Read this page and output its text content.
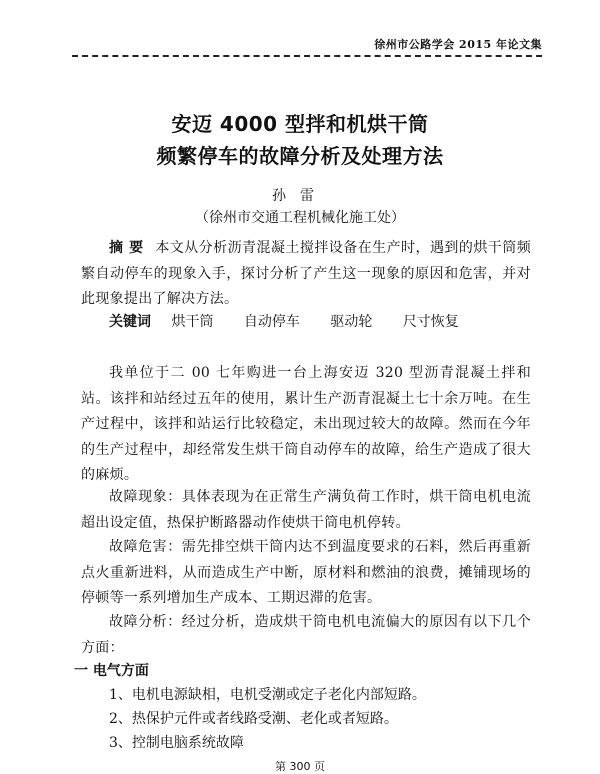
徐州市公路学会 2015 年论文集
安迈 4000 型拌和机烘干筒
频繁停车的故障分析及处理方法
孙雷
（徐州市交通工程机械化施工处）

摘要 本文从分析沥青混凝土搅拌设备在生产时，遇到的烘干筒频繁自动停车的现象入手，探讨分析了产生这一现象的原因和危害，并对此现象提出了解决方法。

关键词 烘干筒 自动停车 驱动轮 尺寸恢复

我单位于二 00 七年购进一台上海安迈 320 型沥青混凝土拌和站。该拌和站经过五年的使用，累计生产沥青混凝土七十余万吨。在生产过程中，该拌和站运行比较稳定，未出现过较大的故障。然而在今年的生产过程中，却经常发生烘干筒自动停车的故障，给生产造成了很大的麻烦。

故障现象：具体表现为在正常生产满负荷工作时，烘干筒电机电流超出设定值，热保护断路器动作使烘干筒电机停转。

故障危害：需先排空烘干筒内达不到温度要求的石料，然后再重新点火重新进料，从而造成生产中断，原材料和燃油的浪费，摊铺现场的停顿等一系列增加生产成本、工期迟滞的危害。

故障分析：经过分析，造成烘干筒电机电流偏大的原因有以下几个方面：

一 电气方面
1、电机电源缺相，电机受潮或定子老化内部短路。
2、热保护元件或者线路受潮、老化或者短路。
3、控制电脑系统故障
第 300 页
